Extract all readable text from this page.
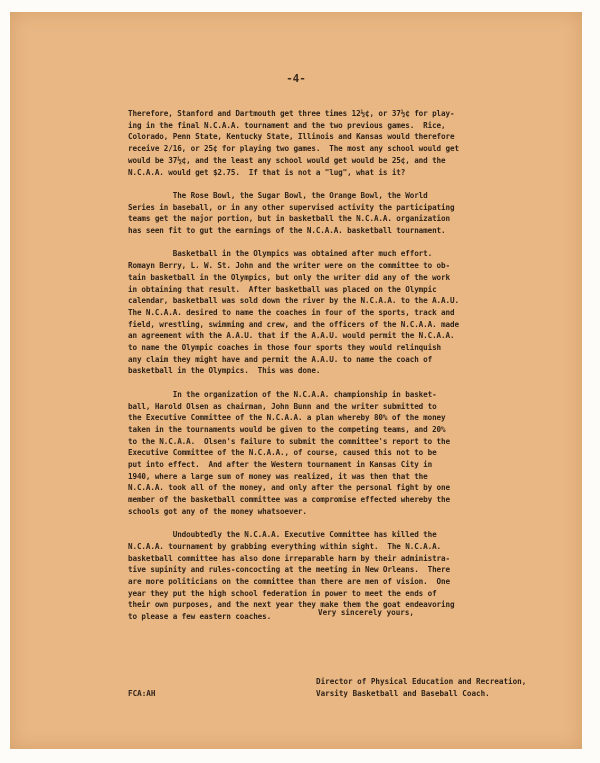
-4-
Therefore, Stanford and Dartmouth get three times 12½¢, or 37½¢ for play-
ing in the final N.C.A.A. tournament and the two previous games.  Rice,
Colorado, Penn State, Kentucky State, Illinois and Kansas would therefore
receive 2/16, or 25¢ for playing two games.  The most any school would get
would be 37½¢, and the least any school would get would be 25¢, and the
N.C.A.A. would get $2.75.  If that is not a "lug", what is it?
The Rose Bowl, the Sugar Bowl, the Orange Bowl, the World
Series in baseball, or in any other supervised activity the participating
teams get the major portion, but in basketball the N.C.A.A. organization
has seen fit to gut the earnings of the N.C.A.A. basketball tournament.
Basketball in the Olympics was obtained after much effort.
Romayn Berry, L. W. St. John and the writer were on the committee to ob-
tain basketball in the Olympics, but only the writer did any of the work
in obtaining that result.  After basketball was placed on the Olympic
calendar, basketball was sold down the river by the N.C.A.A. to the A.A.U.
The N.C.A.A. desired to name the coaches in four of the sports, track and
field, wrestling, swimming and crew, and the officers of the N.C.A.A. made
an agreement with the A.A.U. that if the A.A.U. would permit the N.C.A.A.
to name the Olympic coaches in those four sports they would relinquish
any claim they might have and permit the A.A.U. to name the coach of
basketball in the Olympics.  This was done.
In the organization of the N.C.A.A. championship in basket-
ball, Harold Olsen as chairman, John Bunn and the writer submitted to
the Executive Committee of the N.C.A.A. a plan whereby 80% of the money
taken in the tournaments would be given to the competing teams, and 20%
to the N.C.A.A.  Olsen's failure to submit the committee's report to the
Executive Committee of the N.C.A.A., of course, caused this not to be
put into effect.  And after the Western tournament in Kansas City in
1940, where a large sum of money was realized, it was then that the
N.C.A.A. took all of the money, and only after the personal fight by one
member of the basketball committee was a compromise effected whereby the
schools got any of the money whatsoever.
Undoubtedly the N.C.A.A. Executive Committee has killed the
N.C.A.A. tournament by grabbing everything within sight.  The N.C.A.A.
basketball committee has also done irreparable harm by their administra-
tive supinity and rules-concocting at the meeting in New Orleans.  There
are more politicians on the committee than there are men of vision.  One
year they put the high school federation in power to meet the ends of
their own purposes, and the next year they make them the goat endeavoring
to please a few eastern coaches.	Very sincerely yours,
Director of Physical Education and Recreation,
Varsity Basketball and Baseball Coach.
FCA:AH
